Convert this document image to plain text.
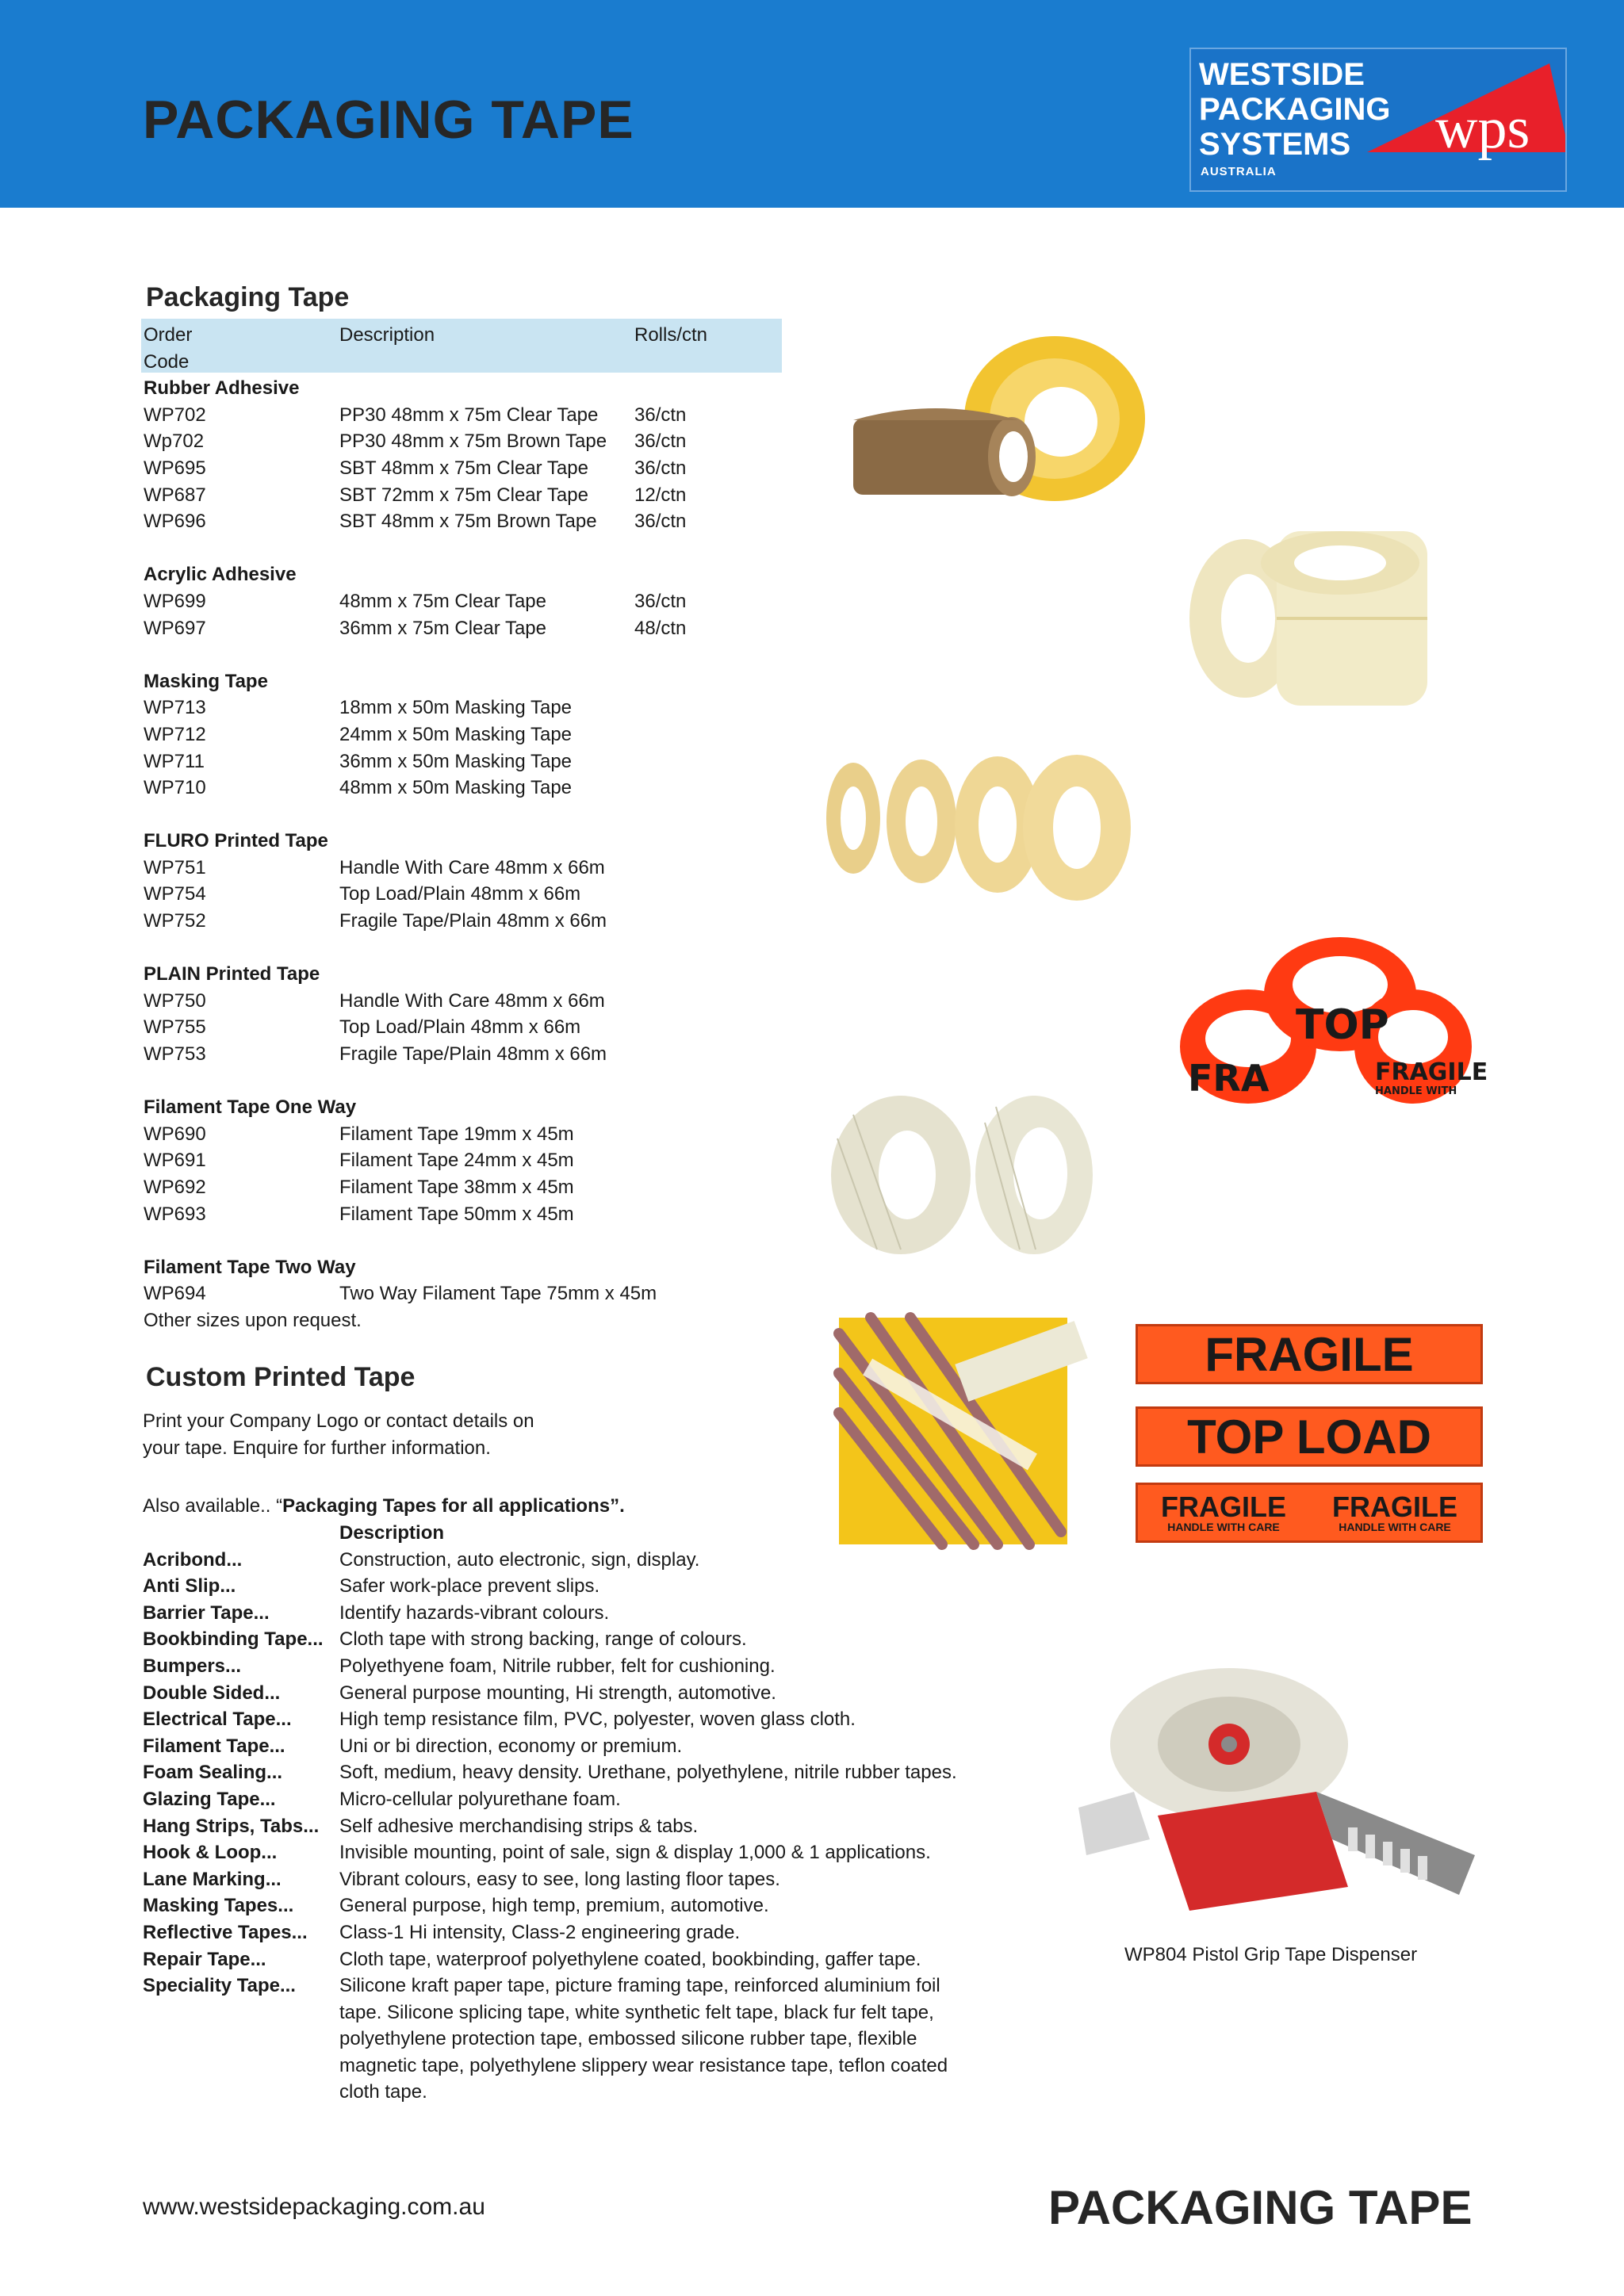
PACKAGING TAPE
WESTSIDE
PACKAGING
SYSTEMS
AUSTRALIA
wps
Packaging Tape
Order
Code
Rubber Adhesive
WP702
Wp702
WP695
WP687
WP696
Acrylic Adhesive
WP699
WP697
Masking Tape
WP713
WP712
WP711
WP710
FLURO Printed Tape
WP751
WP754
WP752
PLAIN Printed Tape
WP750
WP755
WP753
Filament Tape One Way
WP690
WP691
WP692
WP693
Filament Tape Two Way
WP694
Other sizes upon request.
Description
PP30 48mm x 75m Clear Tape
PP30 48mm x 75m Brown Tape
SBT 48mm x 75m Clear Tape
SBT 72mm x 75m Clear Tape
SBT 48mm x 75m Brown Tape
48mm x 75m Clear Tape
36mm x 75m Clear Tape
18mm x 50m Masking Tape
24mm x 50m Masking Tape
36mm x 50m Masking Tape
48mm x 50m Masking Tape
Handle With Care 48mm x 66m
Top Load/Plain 48mm x 66m
Fragile Tape/Plain 48mm x 66m
Handle With Care 48mm x 66m
Top Load/Plain 48mm x 66m
Fragile Tape/Plain 48mm x 66m
Filament Tape 19mm x 45m
Filament Tape 24mm x 45m
Filament Tape 38mm x 45m
Filament Tape 50mm x 45m
Two Way Filament Tape 75mm x 45m
Rolls/ctn
36/ctn
36/ctn
36/ctn
12/ctn
36/ctn
36/ctn
48/ctn
Custom Printed Tape
Print your Company Logo or contact details on
your tape. Enquire for further information.
Also available.. “Packaging Tapes for all applications”.
Acribond...
Anti Slip...
Barrier Tape...
Bookbinding Tape...
Bumpers...
Double Sided...
Electrical Tape...
Filament Tape...
Foam Sealing...
Glazing Tape...
Hang Strips, Tabs...
Hook & Loop...
Lane Marking...
Masking Tapes...
Reflective Tapes...
Repair Tape...
Speciality Tape...
Description
Construction, auto electronic, sign, display.
Safer work-place prevent slips.
Identify hazards-vibrant colours.
Cloth tape with strong backing, range of colours.
Polyethyene foam, Nitrile rubber, felt for cushioning.
General purpose mounting, Hi strength, automotive.
High temp resistance film, PVC, polyester, woven glass cloth.
Uni or bi direction, economy or premium.
Soft, medium, heavy density. Urethane, polyethylene, nitrile rubber tapes.
Micro-cellular polyurethane foam.
Self adhesive merchandising strips & tabs.
Invisible mounting, point of sale, sign & display 1,000 & 1 applications.
Vibrant colours, easy to see, long lasting floor tapes.
General purpose, high temp, premium, automotive.
Class-1 Hi intensity, Class-2 engineering grade.
Cloth tape, waterproof polyethylene coated, bookbinding, gaffer tape.
Silicone kraft paper tape, picture framing tape, reinforced aluminium foil
tape. Silicone splicing tape, white synthetic felt tape, black fur felt tape,
polyethylene protection tape, embossed silicone rubber tape, flexible
magnetic tape, polyethylene slippery wear resistance tape, teflon coated
cloth tape.
TOP
FRA	FRAGILE
HANDLE WITH
FRAGILE
TOP LOAD
FRAGILE
HANDLE WITH CARE
FRAGILE
HANDLE WITH CARE
WP804 Pistol Grip Tape Dispenser
www.westsidepackaging.com.au	PACKAGING TAPE
